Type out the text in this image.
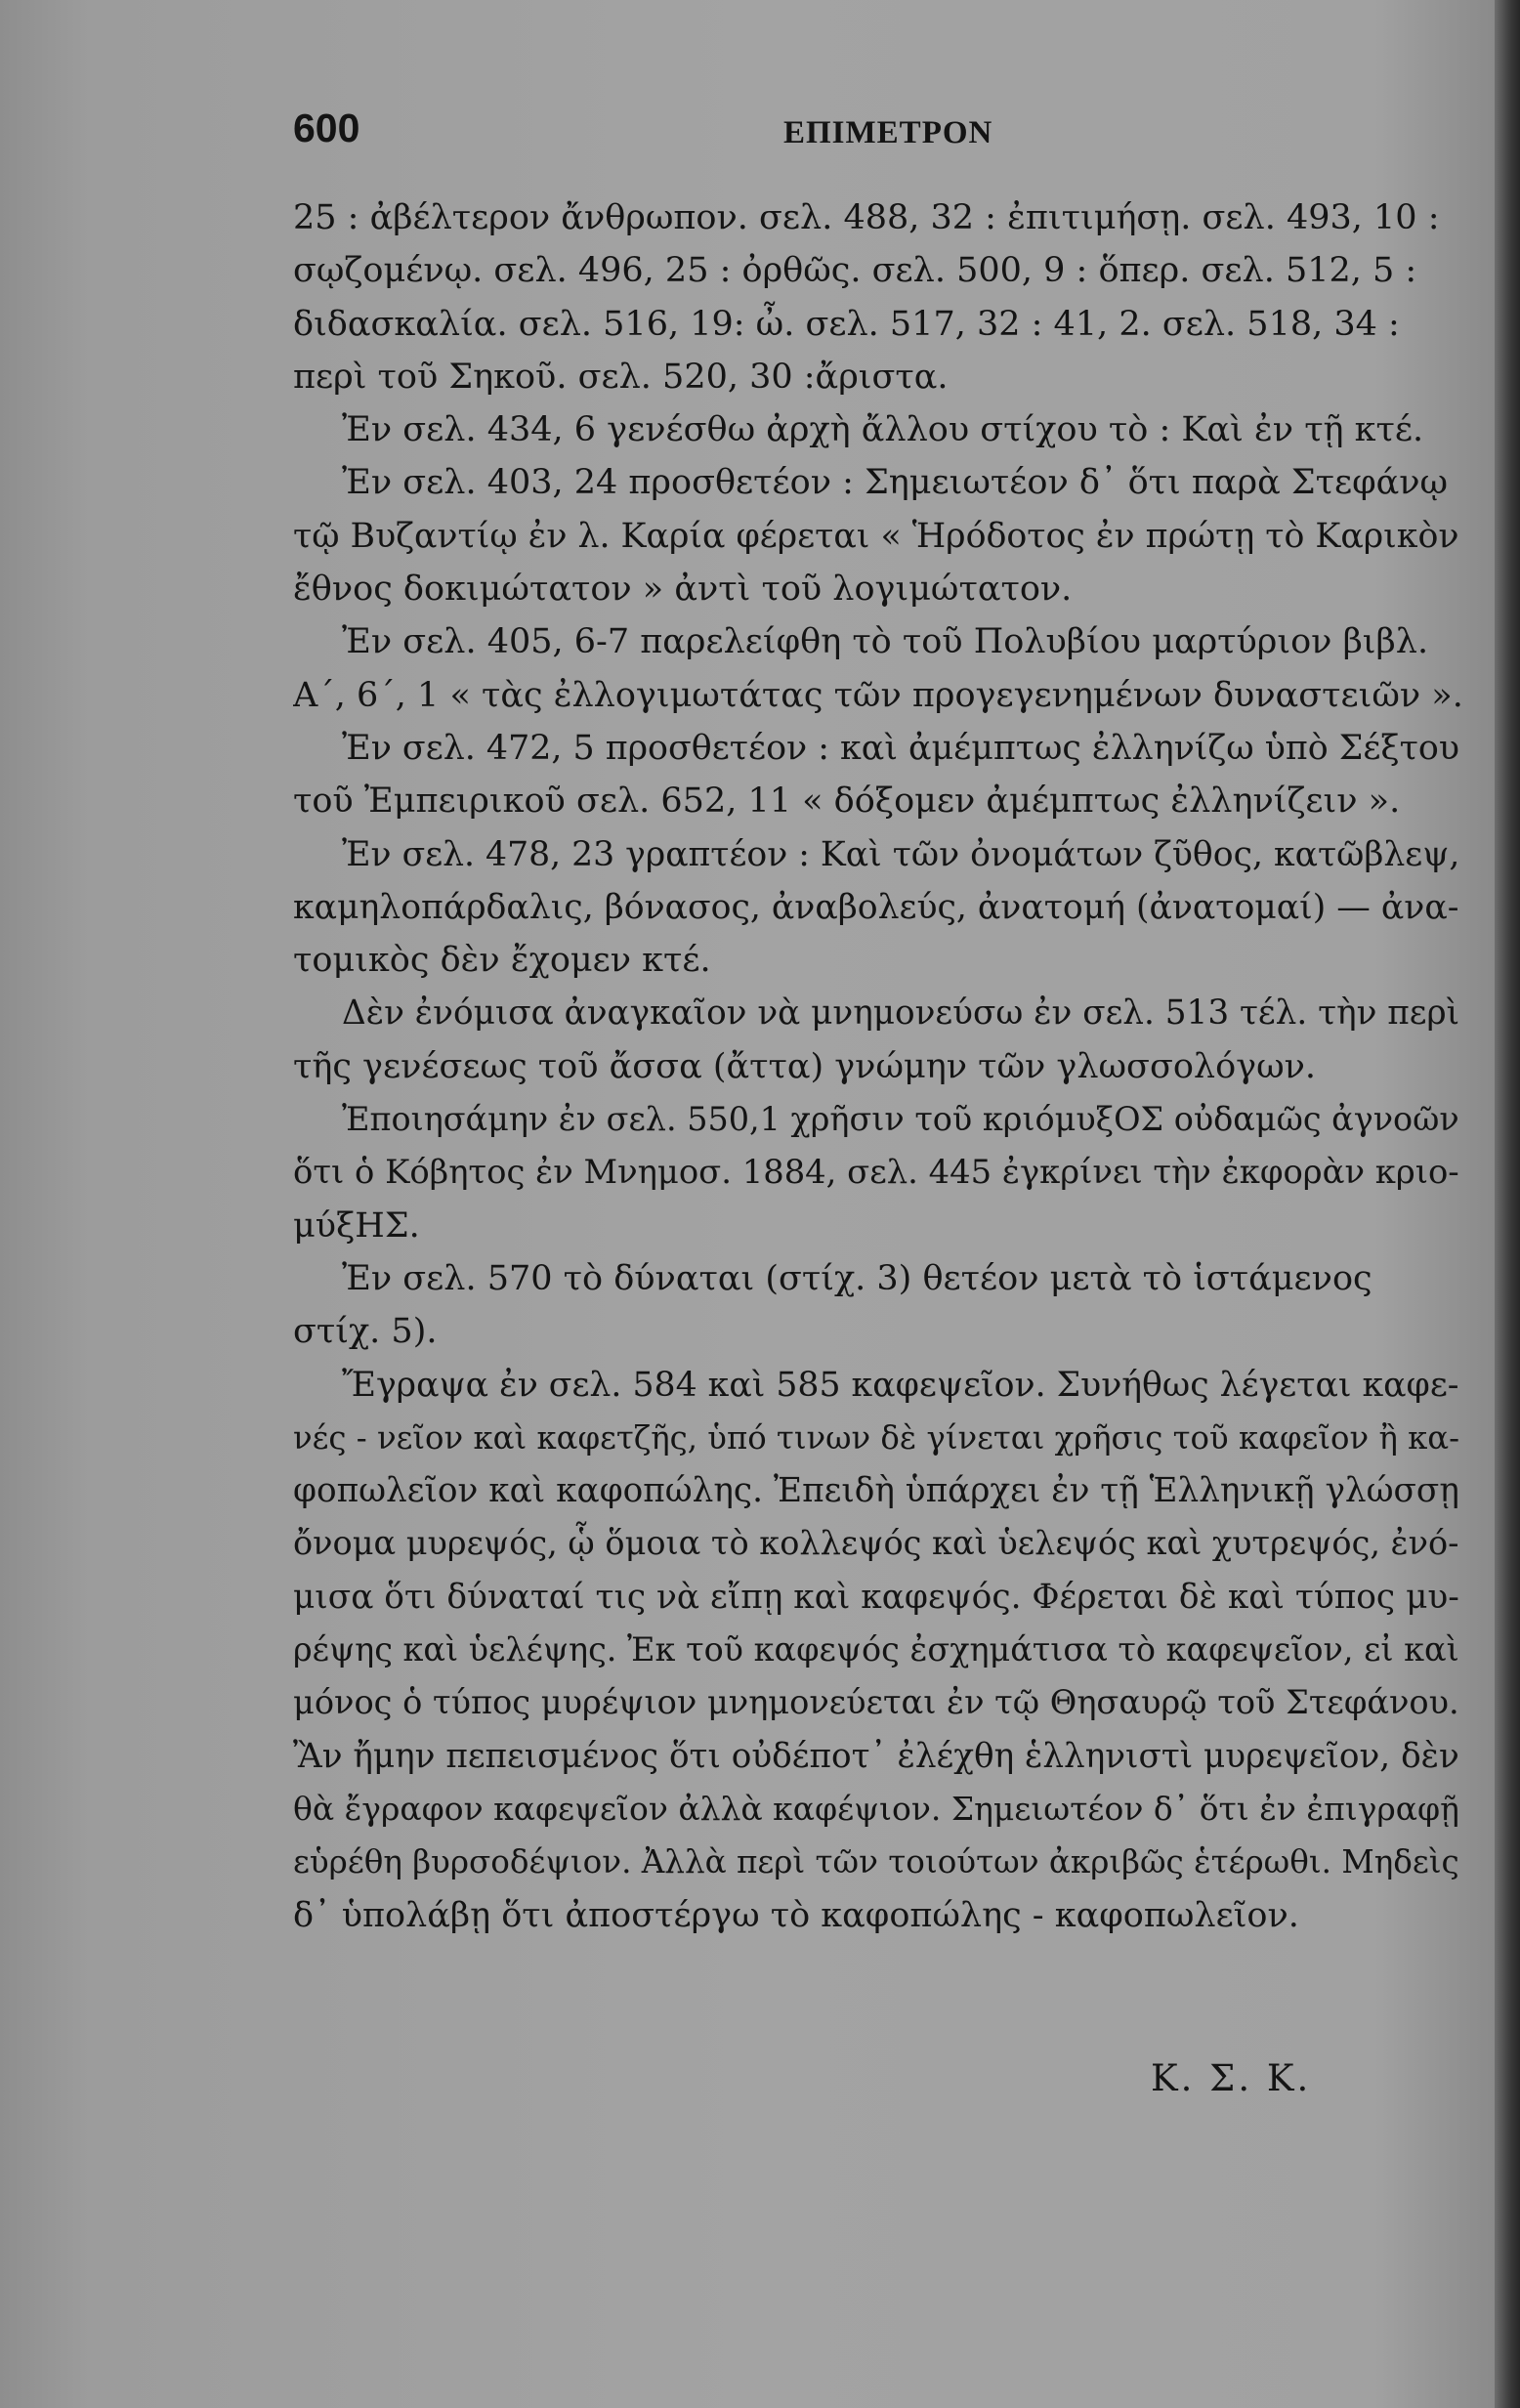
600	ΕΠΙΜΕΤΡΟΝ
25 : ἀβέλτερον ἄνθρωπον. σελ. 488, 32 : ἐπιτιμήσῃ. σελ. 493, 10 :
σῳζομένῳ. σελ. 496, 25 : ὀρθῶς. σελ. 500, 9 : ὅπερ. σελ. 512, 5 :
διδασκαλία. σελ. 516, 19: ὦ. σελ. 517, 32 : 41, 2. σελ. 518, 34 :
περὶ τοῦ Σηκοῦ. σελ. 520, 30 :ἄριστα.
Ἐν σελ. 434, 6 γενέσθω ἀρχὴ ἄλλου στίχου τὸ : Καὶ ἐν τῇ κτέ.
Ἐν σελ. 403, 24 προσθετέον : Σημειωτέον δ᾽ ὅτι παρὰ Στεφάνῳ
τῷ Βυζαντίῳ ἐν λ. Καρία φέρεται « Ἡρόδοτος ἐν πρώτῃ τὸ Καρικὸν
ἔθνος δοκιμώτατον » ἀντὶ τοῦ λογιμώτατον.
Ἐν σελ. 405, 6-7 παρελείφθη τὸ τοῦ Πολυβίου μαρτύριον βιβλ.
Α´, 6´, 1 « τὰς ἐλλογιμωτάτας τῶν προγεγενημένων δυναστειῶν ».
Ἐν σελ. 472, 5 προσθετέον : καὶ ἀμέμπτως ἐλληνίζω ὑπὸ Σέξτου
τοῦ Ἐμπειρικοῦ σελ. 652, 11 « δόξομεν ἀμέμπτως ἐλληνίζειν ».
Ἐν σελ. 478, 23 γραπτέον : Καὶ τῶν ὀνομάτων ζῦθος, κατῶβλεψ,
καμηλοπάρδαλις, βόνασος, ἀναβολεύς, ἀνατομή (ἀνατομαί) — ἀνα-
τομικὸς δὲν ἔχομεν κτέ.
Δὲν ἐνόμισα ἀναγκαῖον νὰ μνημονεύσω ἐν σελ. 513 τέλ. τὴν περὶ
τῆς γενέσεως τοῦ ἄσσα (ἄττα) γνώμην τῶν γλωσσολόγων.
Ἐποιησάμην ἐν σελ. 550,1 χρῆσιν τοῦ κριόμυξΟΣ οὐδαμῶς ἀγνοῶν
ὅτι ὁ Κόβητος ἐν Μνημοσ. 1884, σελ. 445 ἐγκρίνει τὴν ἐκφορὰν κριο-
μύξΗΣ.
Ἐν σελ. 570 τὸ δύναται (στίχ. 3) θετέον μετὰ τὸ ἱστάμενος
στίχ. 5).
Ἔγραψα ἐν σελ. 584 καὶ 585 καφεψεῖον. Συνήθως λέγεται καφε-
νές - νεῖον καὶ καφετζῆς, ὑπό τινων δὲ γίνεται χρῆσις τοῦ καφεῖον ἢ κα-
φοπωλεῖον καὶ καφοπώλης. Ἐπειδὴ ὑπάρχει ἐν τῇ Ἑλληνικῇ γλώσσῃ
ὄνομα μυρεψός, ᾧ ὅμοια τὸ κολλεψός καὶ ὑελεψός καὶ χυτρεψός, ἐνό-
μισα ὅτι δύναταί τις νὰ εἴπῃ καὶ καφεψός. Φέρεται δὲ καὶ τύπος μυ-
ρέψης καὶ ὑελέψης. Ἐκ τοῦ καφεψός ἐσχημάτισα τὸ καφεψεῖον, εἰ καὶ
μόνος ὁ τύπος μυρέψιον μνημονεύεται ἐν τῷ Θησαυρῷ τοῦ Στεφάνου.
Ἂν ἤμην πεπεισμένος ὅτι οὐδέποτ᾽ ἐλέχθη ἑλληνιστὶ μυρεψεῖον, δὲν
θὰ ἔγραφον καφεψεῖον ἀλλὰ καφέψιον. Σημειωτέον δ᾽ ὅτι ἐν ἐπιγραφῇ
εὑρέθη βυρσοδέψιον. Ἀλλὰ περὶ τῶν τοιούτων ἀκριβῶς ἑτέρωθι. Μηδεὶς
δ᾽ ὑπολάβῃ ὅτι ἀποστέργω τὸ καφοπώλης - καφοπωλεῖον.
Κ. Σ. Κ.
